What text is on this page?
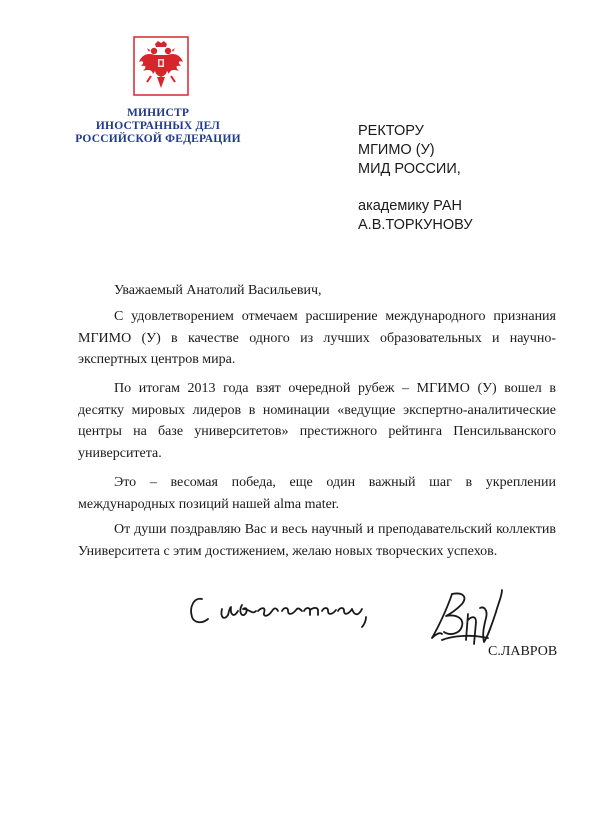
МИНИСТР
ИНОСТРАННЫХ ДЕЛ
РОССИЙСКОЙ ФЕДЕРАЦИИ	РЕКТОРУ
МГИМО (У)
МИД РОССИИ,
академику РАН
А.В.ТОРКУНОВУ
Уважаемый Анатолий Васильевич,

С удовлетворением отмечаем расширение международного признания МГИМО (У) в качестве одного из лучших образовательных и научно-экспертных центров мира.

По итогам 2013 года взят очередной рубеж – МГИМО (У) вошел в десятку мировых лидеров в номинации «ведущие экспертно-аналитические центры на базе университетов» престижного рейтинга Пенсильванского университета.

Это – весомая победа, еще один важный шаг в укреплении международных позиций нашей alma mater.

От души поздравляю Вас и весь научный и преподавательский коллектив Университета с этим достижением, желаю новых творческих успехов.

С.ЛАВРОВ
